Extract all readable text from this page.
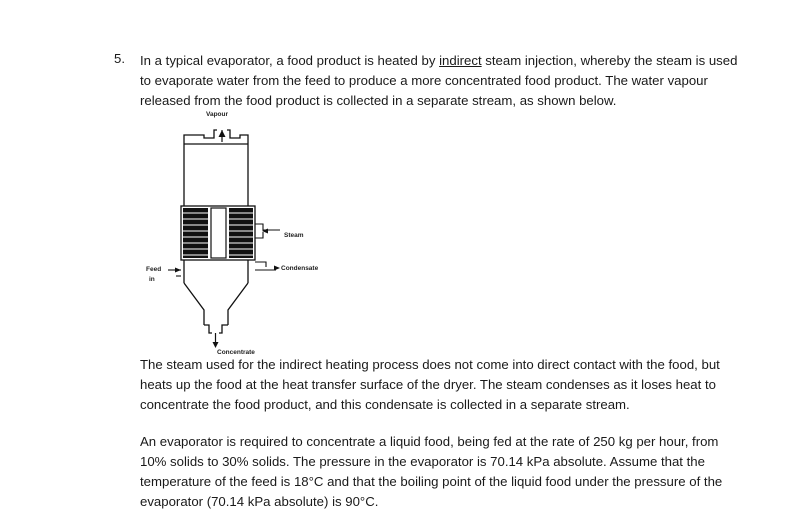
5. In a typical evaporator, a food product is heated by indirect steam injection, whereby the steam is used to evaporate water from the feed to produce a more concentrated food product. The water vapour released from the food product is collected in a separate stream, as shown below.

Vapour
Steam
Condensate
Feed
in
Concentrate

The steam used for the indirect heating process does not come into direct contact with the food, but heats up the food at the heat transfer surface of the dryer. The steam condenses as it loses heat to concentrate the food product, and this condensate is collected in a separate stream.

An evaporator is required to concentrate a liquid food, being fed at the rate of 250 kg per hour, from 10% solids to 30% solids. The pressure in the evaporator is 70.14 kPa absolute. Assume that the temperature of the feed is 18°C and that the boiling point of the liquid food under the pressure of the evaporator (70.14 kPa absolute) is 90°C.
